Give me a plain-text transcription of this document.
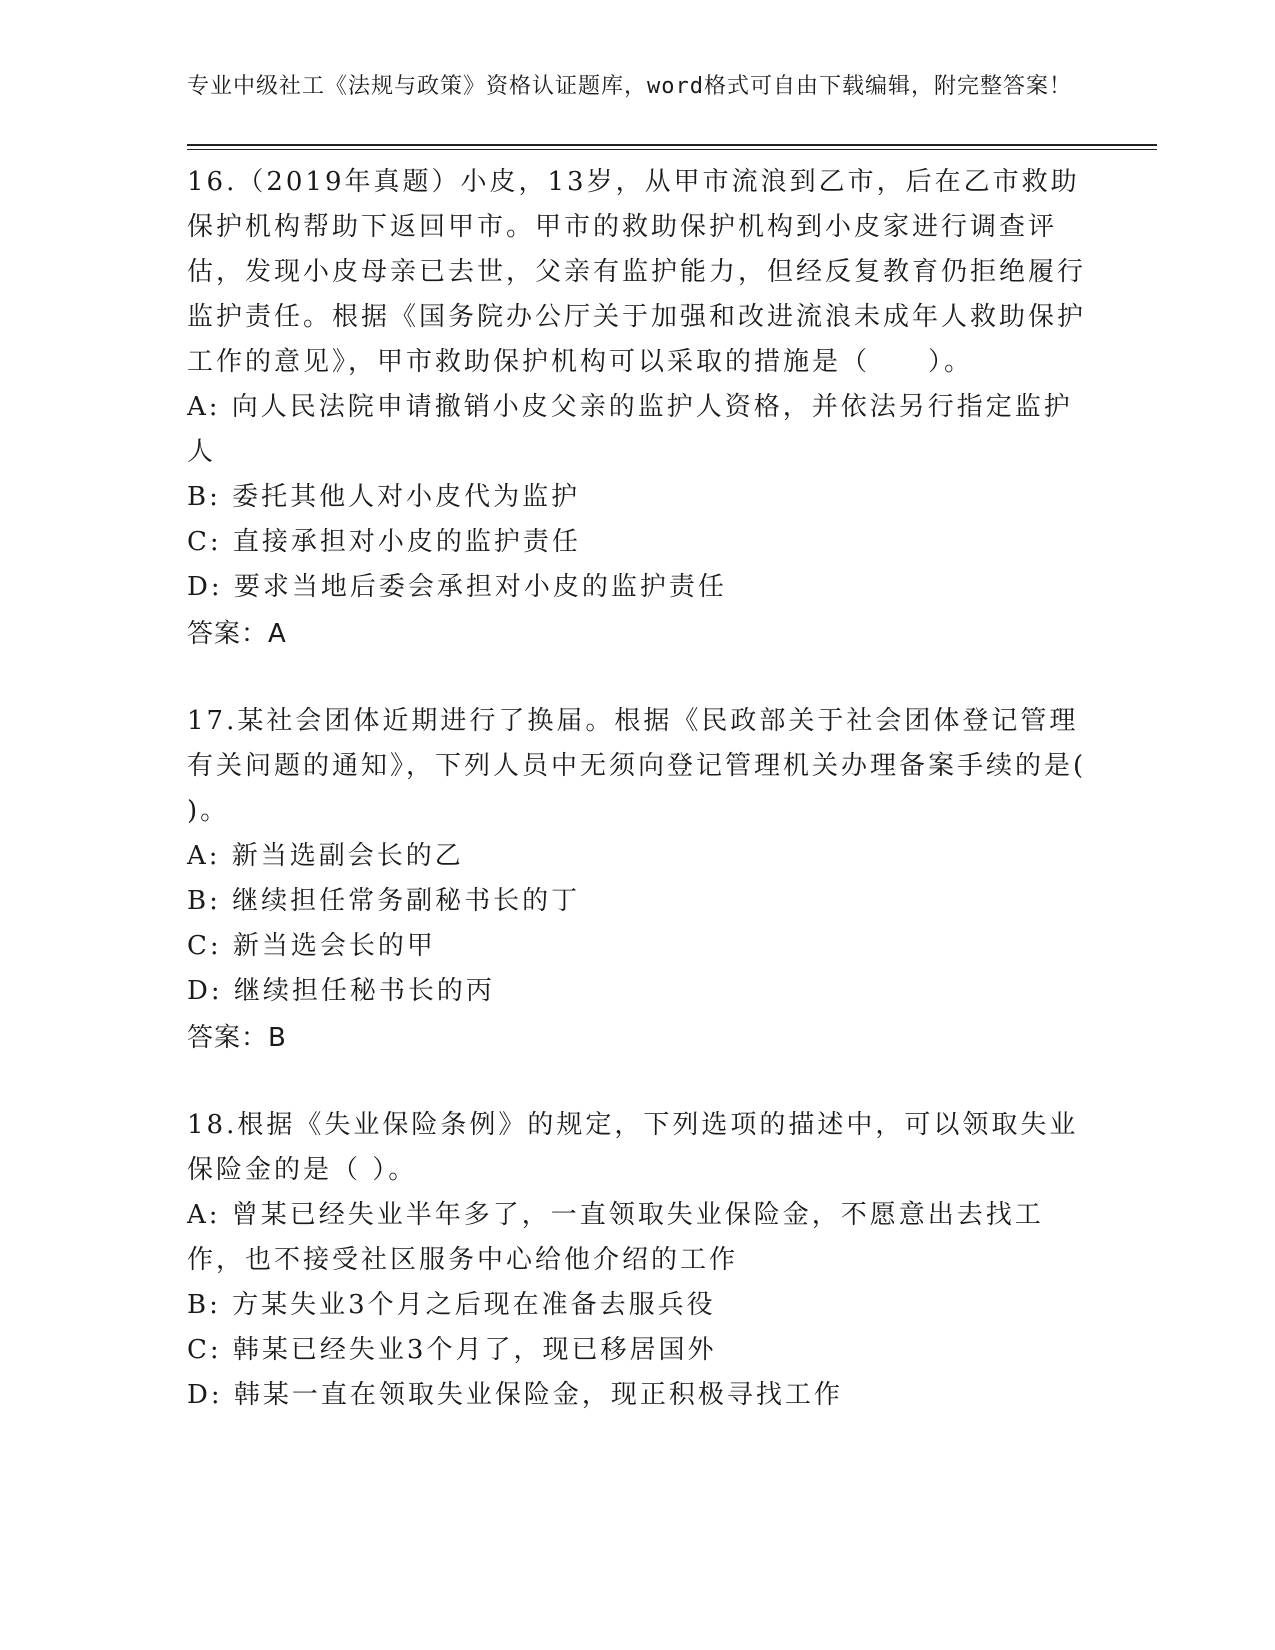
专业中级社工《法规与政策》资格认证题库，word格式可自由下载编辑，附完整答案！

16.（2019年真题）小皮，13岁，从甲市流浪到乙市，后在乙市救助保护机构帮助下返回甲市。甲市的救助保护机构到小皮家进行调查评估，发现小皮母亲已去世，父亲有监护能力，但经反复教育仍拒绝履行监护责任。根据《国务院办公厅关于加强和改进流浪未成年人救助保护工作的意见》，甲市救助保护机构可以采取的措施是（　　）。
A: 向人民法院申请撤销小皮父亲的监护人资格，并依法另行指定监护人
B: 委托其他人对小皮代为监护
C: 直接承担对小皮的监护责任
D: 要求当地后委会承担对小皮的监护责任
答案：A
17.某社会团体近期进行了换届。根据《民政部关于社会团体登记管理有关问题的通知》，下列人员中无须向登记管理机关办理备案手续的是( )。
A: 新当选副会长的乙
B: 继续担任常务副秘书长的丁
C: 新当选会长的甲
D: 继续担任秘书长的丙
答案：B
18.根据《失业保险条例》的规定，下列选项的描述中，可以领取失业保险金的是（ ）。
A: 曾某已经失业半年多了，一直领取失业保险金，不愿意出去找工作，也不接受社区服务中心给他介绍的工作
B: 方某失业3个月之后现在准备去服兵役
C: 韩某已经失业3个月了，现已移居国外
D: 韩某一直在领取失业保险金，现正积极寻找工作
